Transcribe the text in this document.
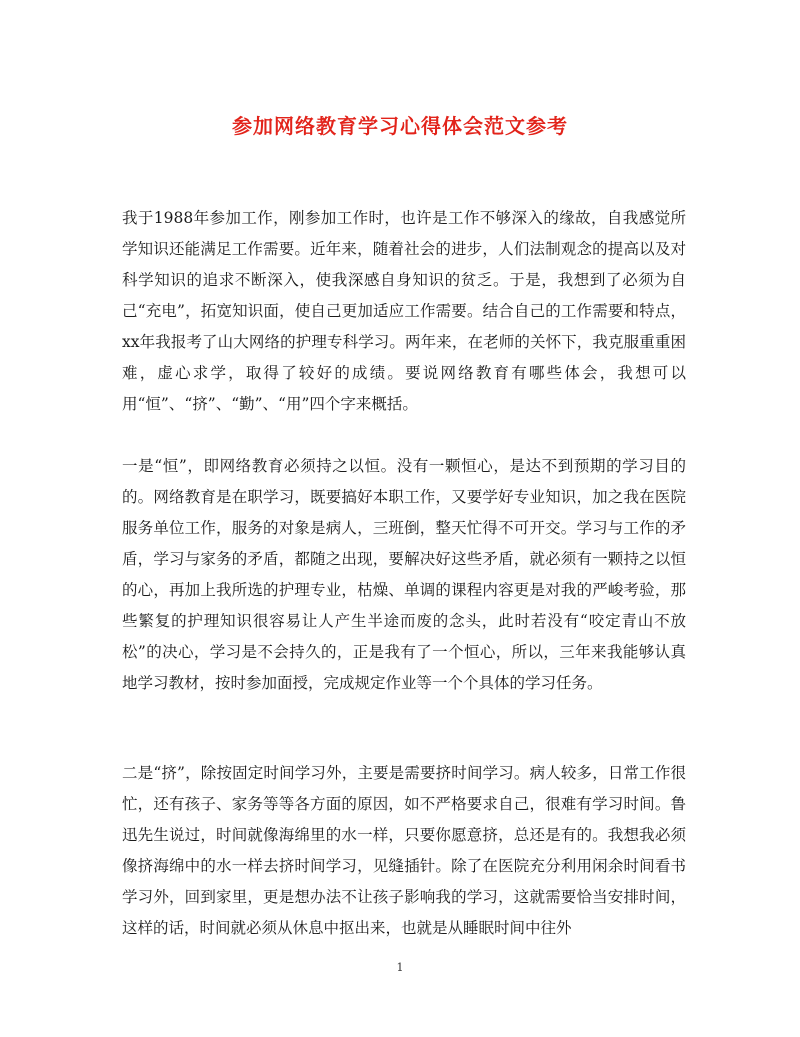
参加网络教育学习心得体会范文参考

我于1988年参加工作，刚参加工作时，也许是工作不够深入的缘故，自我感觉所学知识还能满足工作需要。近年来，随着社会的进步，人们法制观念的提高以及对科学知识的追求不断深入，使我深感自身知识的贫乏。于是，我想到了必须为自己“充电”，拓宽知识面，使自己更加适应工作需要。结合自己的工作需要和特点，xx年我报考了山大网络的护理专科学习。两年来，在老师的关怀下，我克服重重困难，虚心求学，取得了较好的成绩。要说网络教育有哪些体会，我想可以用“恒”、“挤”、“勤”、“用”四个字来概括。

一是“恒”，即网络教育必须持之以恒。没有一颗恒心，是达不到预期的学习目的的。网络教育是在职学习，既要搞好本职工作，又要学好专业知识，加之我在医院服务单位工作，服务的对象是病人，三班倒，整天忙得不可开交。学习与工作的矛盾，学习与家务的矛盾，都随之出现，要解决好这些矛盾，就必须有一颗持之以恒的心，再加上我所选的护理专业，枯燥、单调的课程内容更是对我的严峻考验，那些繁复的护理知识很容易让人产生半途而废的念头，此时若没有“咬定青山不放松”的决心，学习是不会持久的，正是我有了一个恒心，所以，三年来我能够认真地学习教材，按时参加面授，完成规定作业等一个个具体的学习任务。

二是“挤”，除按固定时间学习外，主要是需要挤时间学习。病人较多，日常工作很忙，还有孩子、家务等等各方面的原因，如不严格要求自己，很难有学习时间。鲁迅先生说过，时间就像海绵里的水一样，只要你愿意挤，总还是有的。我想我必须像挤海绵中的水一样去挤时间学习，见缝插针。除了在医院充分利用闲余时间看书学习外，回到家里，更是想办法不让孩子影响我的学习，这就需要恰当安排时间，这样的话，时间就必须从休息中抠出来，也就是从睡眠时间中往外

1
